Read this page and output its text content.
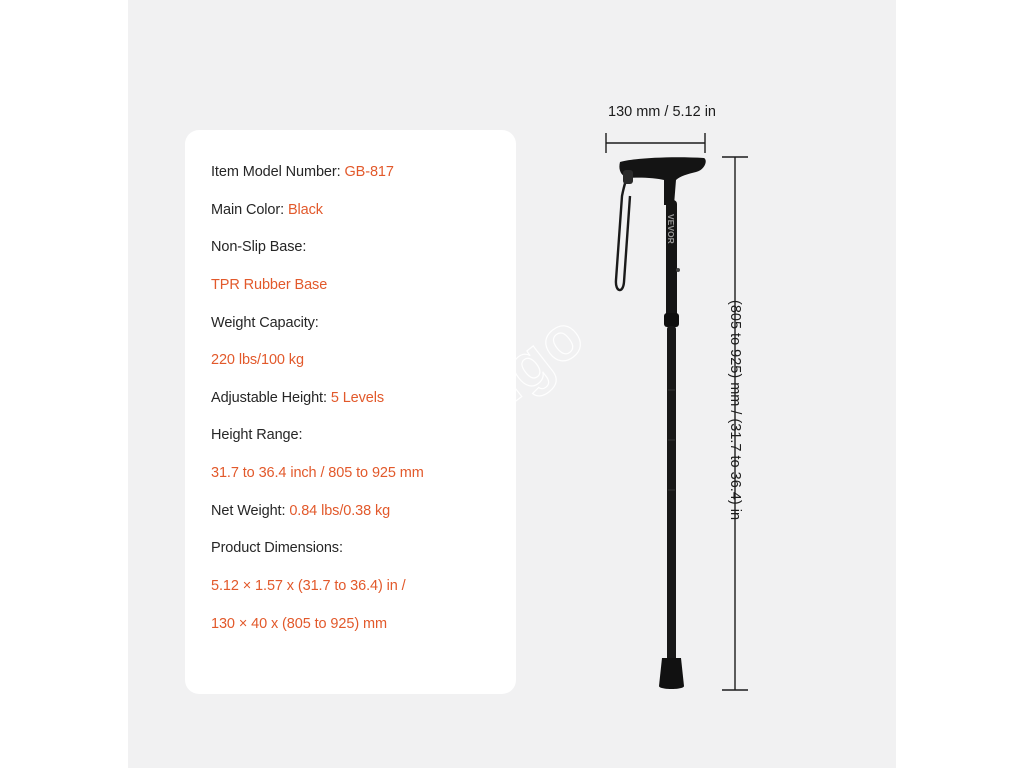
Item Model Number: GB-817
Main Color: Black
Non-Slip Base:
TPR Rubber Base
Weight Capacity:
220 lbs/100 kg
Adjustable Height: 5 Levels
Height Range:
31.7 to 36.4 inch / 805 to 925 mm
Net Weight: 0.84 lbs/0.38 kg
Product Dimensions:
5.12 × 1.57 x (31.7 to 36.4) in /
130 × 40 x (805 to 925) mm
Melgo
VEVOR
130 mm / 5.12 in
(805 to 925) mm / (31.7 to 36.4) in
